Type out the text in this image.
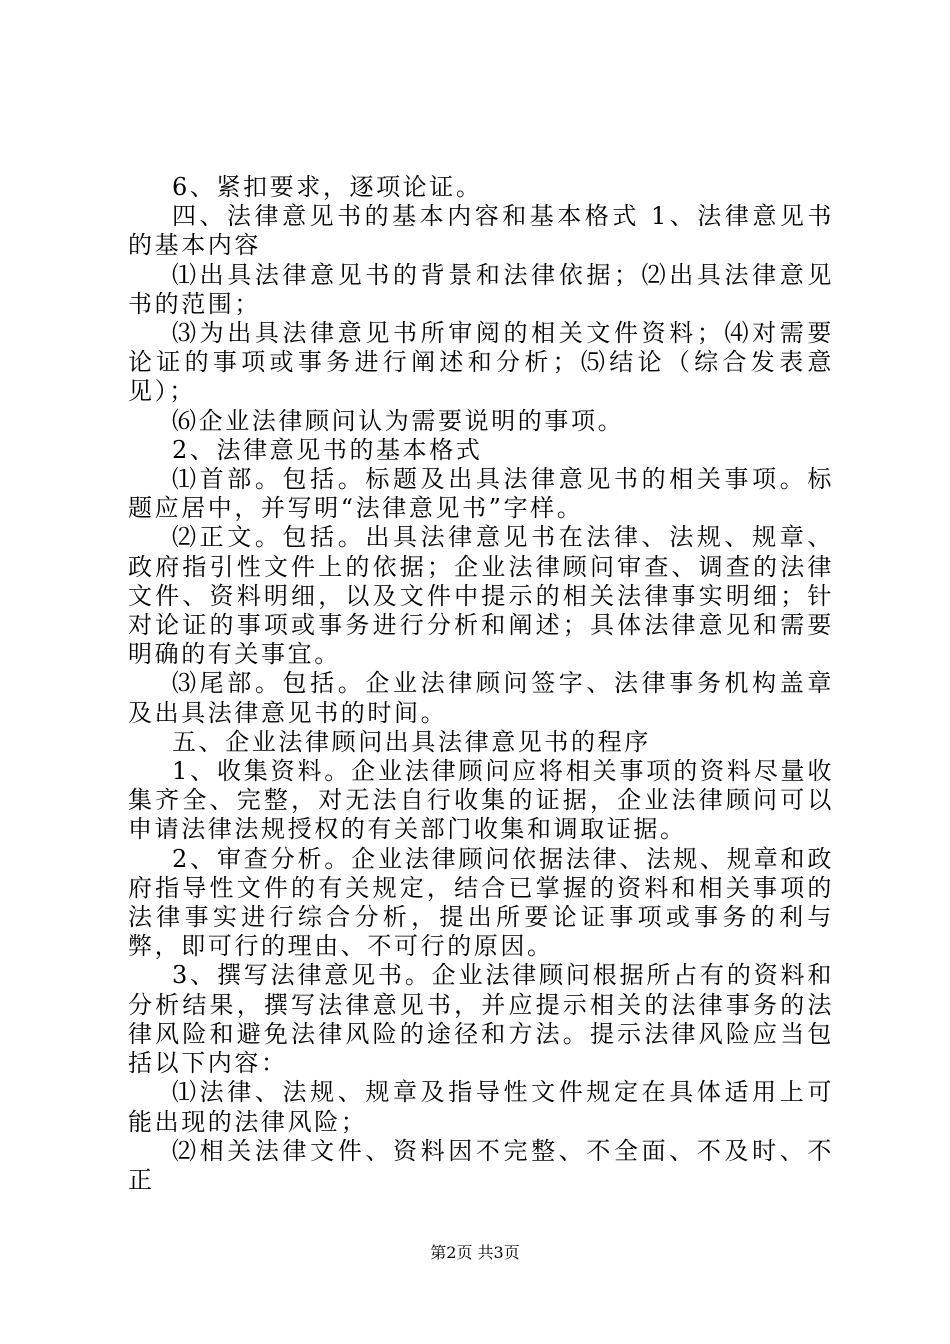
6、紧扣要求，逐项论证。

四、法律意见书的基本内容和基本格式 1、法律意见书的基本内容

⑴出具法律意见书的背景和法律依据；⑵出具法律意见书的范围；

⑶为出具法律意见书所审阅的相关文件资料；⑷对需要论证的事项或事务进行阐述和分析；⑸结论（综合发表意见）；

⑹企业法律顾问认为需要说明的事项。

2、法律意见书的基本格式

⑴首部。包括。标题及出具法律意见书的相关事项。标题应居中，并写明“法律意见书”字样。

⑵正文。包括。出具法律意见书在法律、法规、规章、政府指引性文件上的依据；企业法律顾问审查、调查的法律文件、资料明细，以及文件中提示的相关法律事实明细；针对论证的事项或事务进行分析和阐述；具体法律意见和需要明确的有关事宜。

⑶尾部。包括。企业法律顾问签字、法律事务机构盖章及出具法律意见书的时间。

五、企业法律顾问出具法律意见书的程序

1、收集资料。企业法律顾问应将相关事项的资料尽量收集齐全、完整，对无法自行收集的证据，企业法律顾问可以申请法律法规授权的有关部门收集和调取证据。

2、审查分析。企业法律顾问依据法律、法规、规章和政府指导性文件的有关规定，结合已掌握的资料和相关事项的法律事实进行综合分析，提出所要论证事项或事务的利与弊，即可行的理由、不可行的原因。

3、撰写法律意见书。企业法律顾问根据所占有的资料和分析结果，撰写法律意见书，并应提示相关的法律事务的法律风险和避免法律风险的途径和方法。提示法律风险应当包括以下内容：

⑴法律、法规、规章及指导性文件规定在具体适用上可能出现的法律风险；

⑵相关法律文件、资料因不完整、不全面、不及时、不正

第2页 共3页
